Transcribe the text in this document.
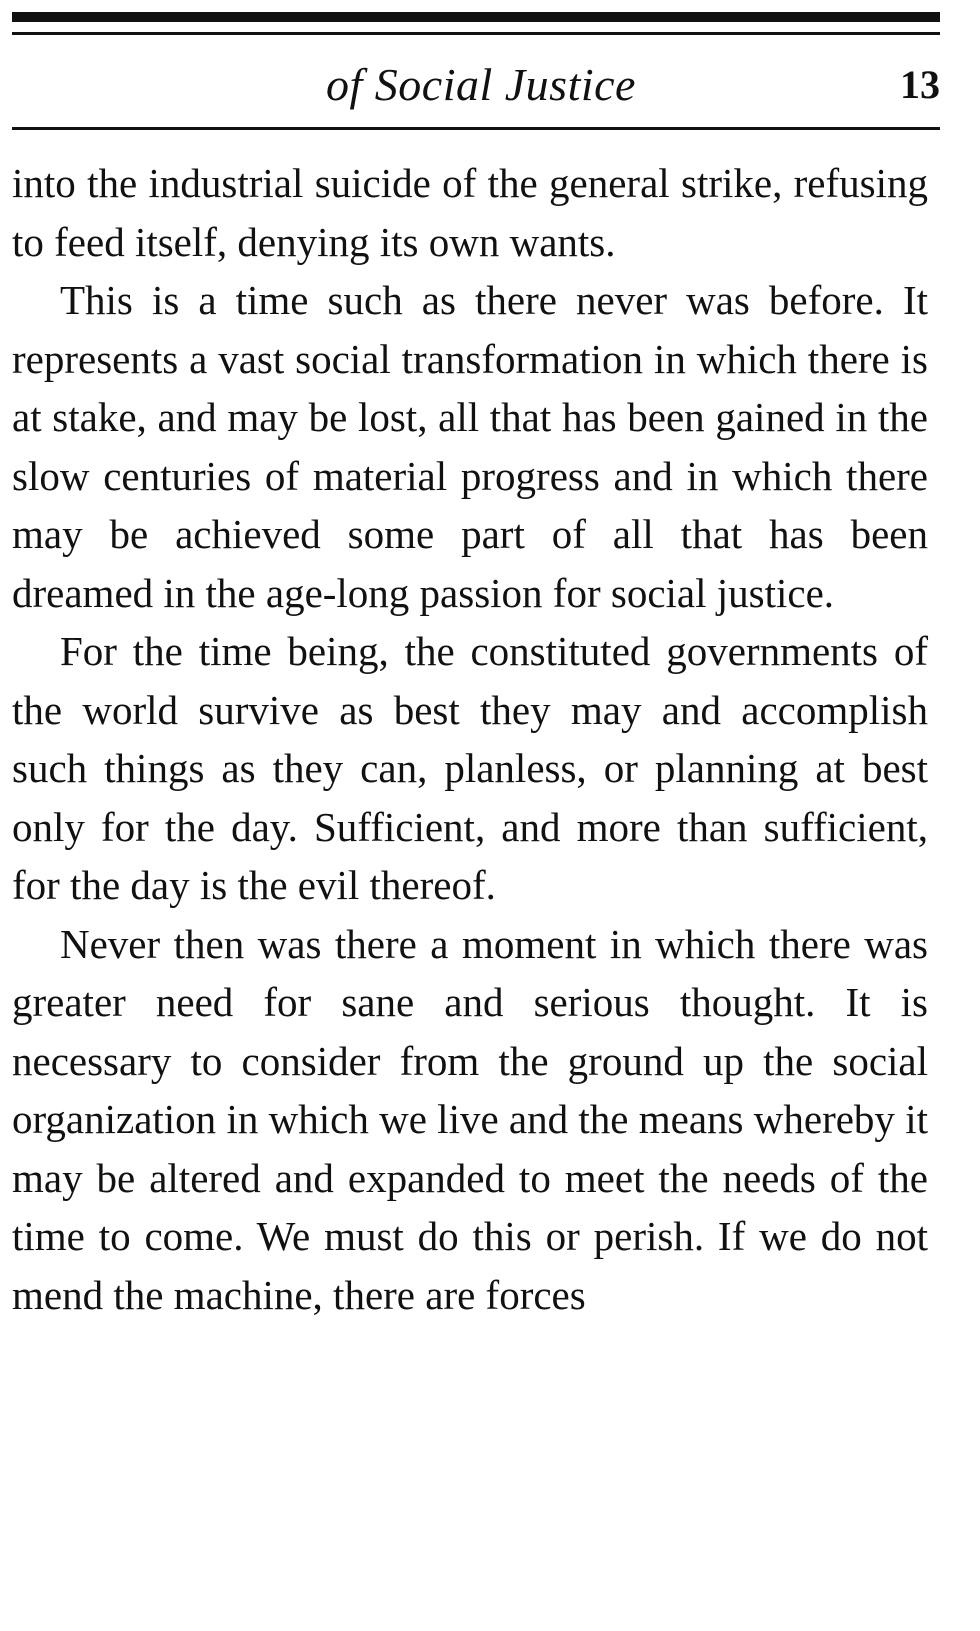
of Social Justice	13

into the industrial suicide of the general strike, refusing to feed itself, denying its own wants.

This is a time such as there never was before. It represents a vast social transformation in which there is at stake, and may be lost, all that has been gained in the slow centuries of material progress and in which there may be achieved some part of all that has been dreamed in the age-long passion for social justice.

For the time being, the constituted governments of the world survive as best they may and accomplish such things as they can, planless, or planning at best only for the day. Sufficient, and more than sufficient, for the day is the evil thereof.

Never then was there a moment in which there was greater need for sane and serious thought. It is necessary to consider from the ground up the social organization in which we live and the means whereby it may be altered and expanded to meet the needs of the time to come. We must do this or perish. If we do not mend the machine, there are forces
